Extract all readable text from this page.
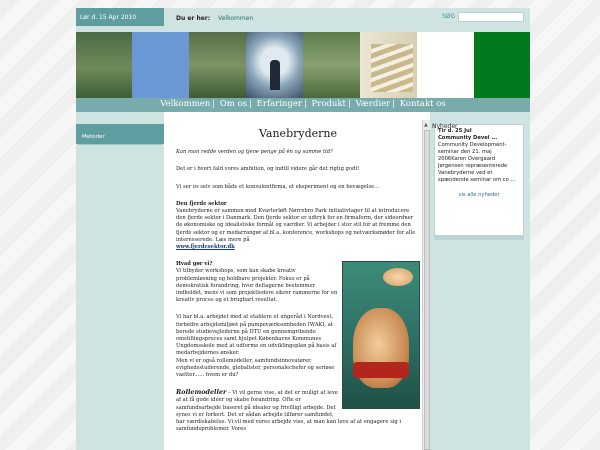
Lør d. 15 Apr 2010	Du er her: Velkommen	SØG
Velkommen | Om os | Erfaringer | Produkt | Værdier | Kontakt os
Metoder	Vanebryderne

Kan man redde verden og tjene penge på én og samme tid?

Det er i hvert fald vores ambition, og indtil videre går det rigtig godt!

Vi ser os selv som både et konsulentfirma, et eksperiment og en bevægelse...

Den fjerde sektor
Vanebryderne er sammen med Kvarterløft Nørrebro Park initiativtager til at introducere den fjerde sektor i Danmark. Den fjerde sektor er udtryk for en firmaform, der sideordner de økonomiske og idealistiske formål og værdier. Vi arbejder i stor stil for at fremme den fjerde sektor og er medarrangør af bl.a. konference, workshops og netværksmøder for alle interesserede. Læs mere på
www.fjerdesektor.dk

Hvad gør vi?
Vi tilbyder workshops, som kan skabe kreativ problemløsning og holdbare projekter. Fokus er på demokratisk forandring, hvor deltagerne bestemmer indholdet, mens vi som projektledere sikrer rammerne for en kreativ proces og et brugbart resultat.

Vi har bl.a. arbejdet med at etablere et ungeråd i Nordvest, forbedre arbejdsmiljøet på pumpeværksomheden IWAKI, at berede studievejlederne på DTU en gennemgribende omstillingsproces samt hjulpet Københavns Kommunes Ungdomsskole med at udforme en udviklingsplan på basis af medarbejdernes ønsker.
Men vi er også rollemodeller, samfundsinnovatører, evighedsstuderende, globalister, personalechefer og seriøse vaetter...... hvem er du?

Rollemodeller – Vi vil gerne vise, at det er muligt at leve af at få gode idéer og skabe forandring. Ofte er samfundsarbejde baseret på idealer og frivilligt arbejde. Det synes vi er forkert. Det er sådan arbejde tilfører samfundet, har værdiskabelse. Vi vil med vores arbejde vise, at man kan leve af at engagere sig i samfundsproblemer. Vores

▲
Tir d. 25 Jul
Community Devel ...
Community Development-seminar den 21. maj 2006Karen Overgaard Jørgensen repræsenterede Vanebryderne ved et spændende seminar om co ...
vis alle nyheder
Nyheder
